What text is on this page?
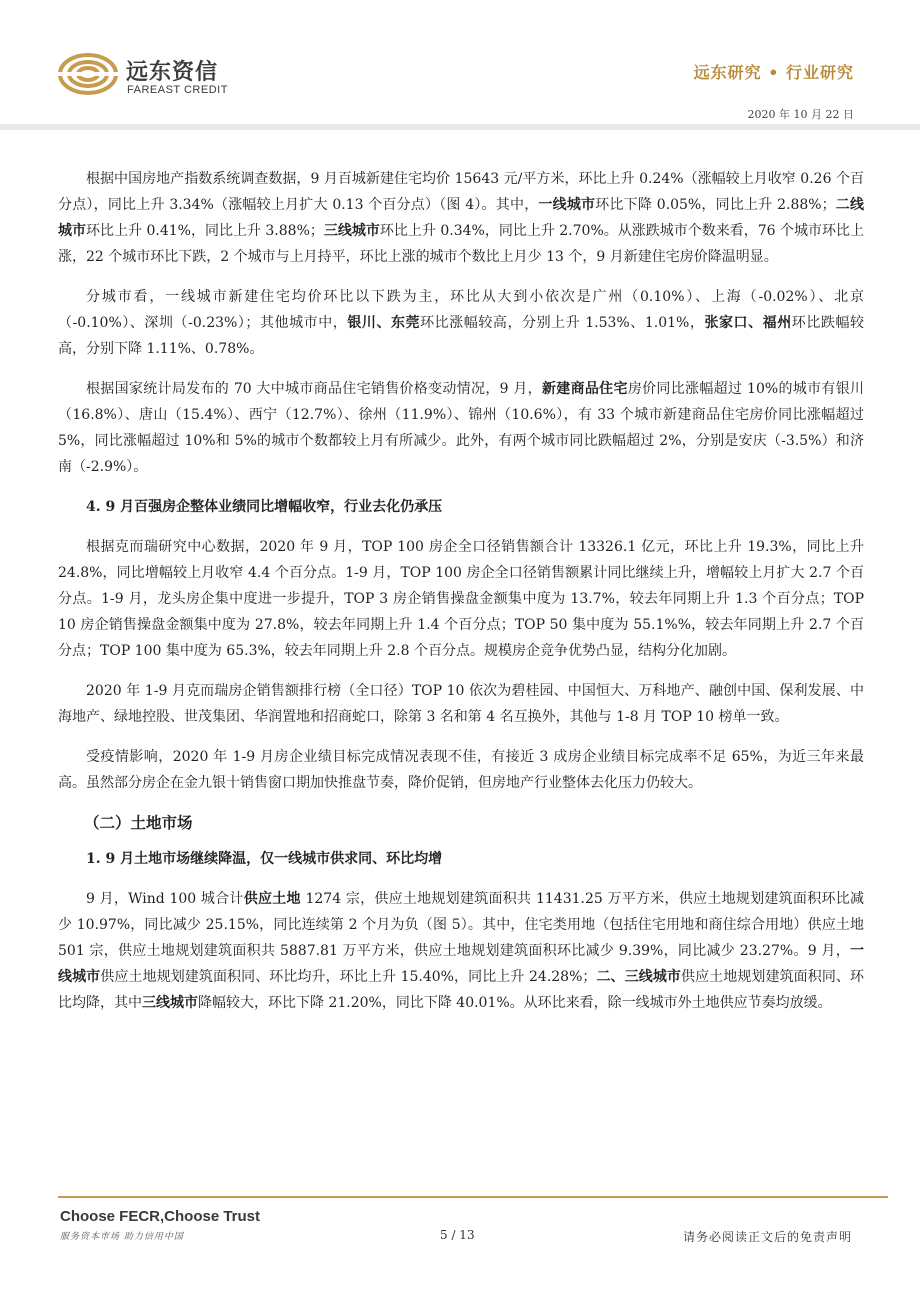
远东资信
FAREAST CREDIT
远东研究 • 行业研究
2020 年 10 月 22 日

根据中国房地产指数系统调查数据，9 月百城新建住宅均价 15643 元/平方米，环比上升 0.24%（涨幅较上月收窄 0.26 个百分点），同比上升 3.34%（涨幅较上月扩大 0.13 个百分点）（图 4）。其中，一线城市环比下降 0.05%，同比上升 2.88%；二线城市环比上升 0.41%，同比上升 3.88%；三线城市环比上升 0.34%，同比上升 2.70%。从涨跌城市个数来看，76 个城市环比上涨，22 个城市环比下跌，2 个城市与上月持平，环比上涨的城市个数比上月少 13 个，9 月新建住宅房价降温明显。

分城市看，一线城市新建住宅均价环比以下跌为主，环比从大到小依次是广州（0.10%）、上海（-0.02%）、北京（-0.10%）、深圳（-0.23%）；其他城市中，银川、东莞环比涨幅较高，分别上升 1.53%、1.01%，张家口、福州环比跌幅较高，分别下降 1.11%、0.78%。

根据国家统计局发布的 70 大中城市商品住宅销售价格变动情况，9 月，新建商品住宅房价同比涨幅超过 10%的城市有银川（16.8%）、唐山（15.4%）、西宁（12.7%）、徐州（11.9%）、锦州（10.6%），有 33 个城市新建商品住宅房价同比涨幅超过 5%，同比涨幅超过 10%和 5%的城市个数都较上月有所减少。此外，有两个城市同比跌幅超过 2%，分别是安庆（-3.5%）和济南（-2.9%）。

4. 9 月百强房企整体业绩同比增幅收窄，行业去化仍承压

根据克而瑞研究中心数据，2020 年 9 月，TOP 100 房企全口径销售额合计 13326.1 亿元，环比上升 19.3%，同比上升 24.8%，同比增幅较上月收窄 4.4 个百分点。1-9 月，TOP 100 房企全口径销售额累计同比继续上升，增幅较上月扩大 2.7 个百分点。1-9 月，龙头房企集中度进一步提升，TOP 3 房企销售操盘金额集中度为 13.7%，较去年同期上升 1.3 个百分点；TOP 10 房企销售操盘金额集中度为 27.8%，较去年同期上升 1.4 个百分点；TOP 50 集中度为 55.1%%，较去年同期上升 2.7 个百分点；TOP 100 集中度为 65.3%，较去年同期上升 2.8 个百分点。规模房企竞争优势凸显，结构分化加剧。

2020 年 1-9 月克而瑞房企销售额排行榜（全口径）TOP 10 依次为碧桂园、中国恒大、万科地产、融创中国、保利发展、中海地产、绿地控股、世茂集团、华润置地和招商蛇口，除第 3 名和第 4 名互换外，其他与 1-8 月 TOP 10 榜单一致。

受疫情影响，2020 年 1-9 月房企业绩目标完成情况表现不佳，有接近 3 成房企业绩目标完成率不足 65%，为近三年来最高。虽然部分房企在金九银十销售窗口期加快推盘节奏，降价促销，但房地产行业整体去化压力仍较大。

（二）土地市场
1. 9 月土地市场继续降温，仅一线城市供求同、环比均增

9 月，Wind 100 城合计供应土地 1274 宗，供应土地规划建筑面积共 11431.25 万平方米，供应土地规划建筑面积环比减少 10.97%，同比减少 25.15%，同比连续第 2 个月为负（图 5）。其中，住宅类用地（包括住宅用地和商住综合用地）供应土地 501 宗，供应土地规划建筑面积共 5887.81 万平方米，供应土地规划建筑面积环比减少 9.39%，同比减少 23.27%。9 月，一线城市供应土地规划建筑面积同、环比均升，环比上升 15.40%，同比上升 24.28%；二、三线城市供应土地规划建筑面积同、环比均降，其中三线城市降幅较大，环比下降 21.20%，同比下降 40.01%。从环比来看，除一线城市外土地供应节奏均放缓。

Choose FECR,Choose Trust
服务资本市场 助力信用中国	5 / 13	请务必阅读正文后的免责声明
